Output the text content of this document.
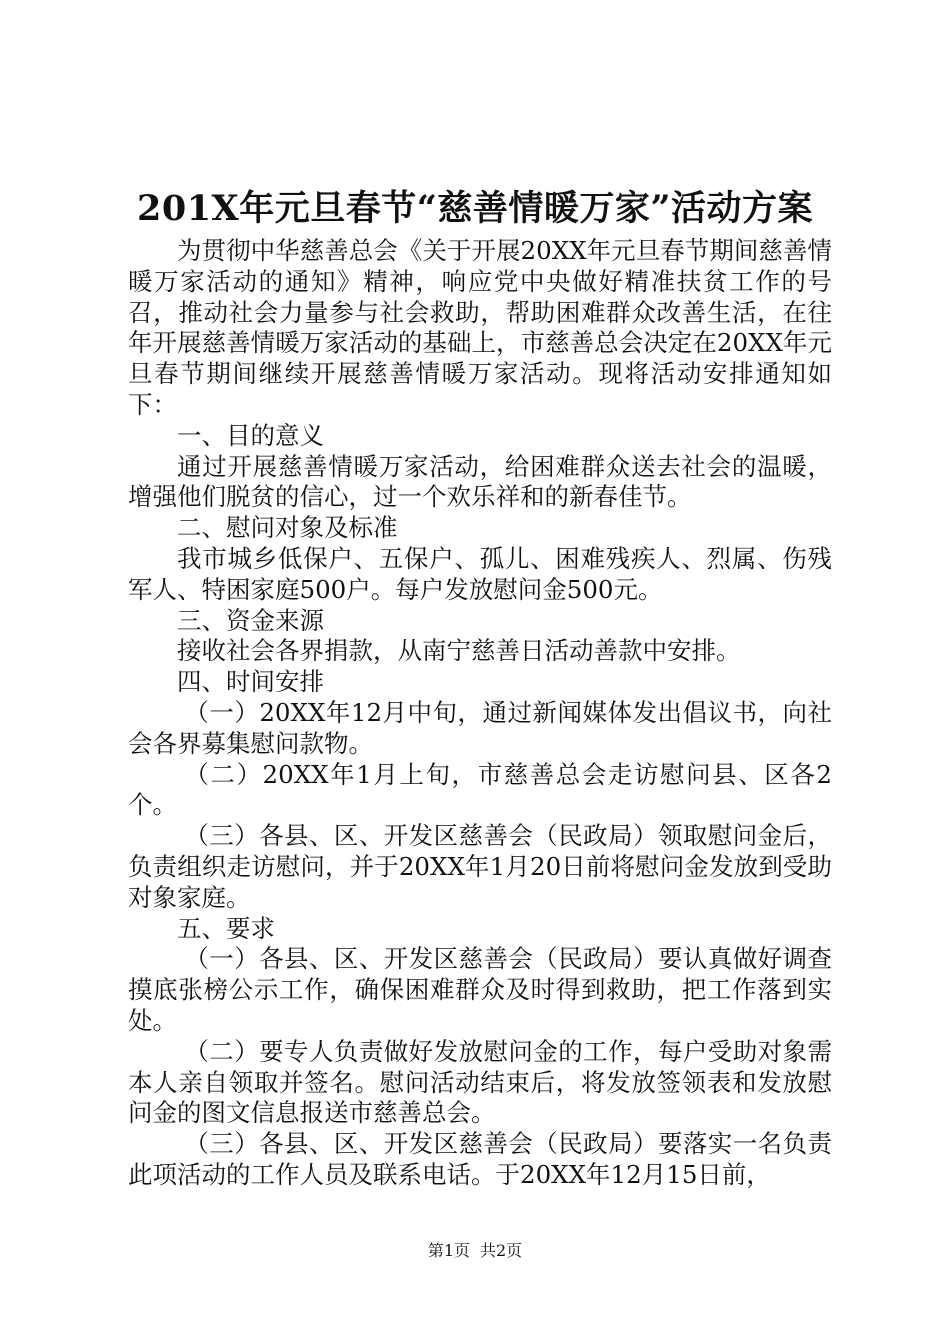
201X年元旦春节“慈善情暖万家”活动方案

为贯彻中华慈善总会《关于开展20XX年元旦春节期间慈善情暖万家活动的通知》精神，响应党中央做好精准扶贫工作的号召，推动社会力量参与社会救助，帮助困难群众改善生活，在往年开展慈善情暖万家活动的基础上，市慈善总会决定在20XX年元旦春节期间继续开展慈善情暖万家活动。现将活动安排通知如下：

一、目的意义

通过开展慈善情暖万家活动，给困难群众送去社会的温暖，增强他们脱贫的信心，过一个欢乐祥和的新春佳节。

二、慰问对象及标准

我市城乡低保户、五保户、孤儿、困难残疾人、烈属、伤残军人、特困家庭500户。每户发放慰问金500元。

三、资金来源

接收社会各界捐款，从南宁慈善日活动善款中安排。

四、时间安排

（一）20XX年12月中旬，通过新闻媒体发出倡议书，向社会各界募集慰问款物。

（二）20XX年1月上旬，市慈善总会走访慰问县、区各2个。

（三）各县、区、开发区慈善会（民政局）领取慰问金后，负责组织走访慰问，并于20XX年1月20日前将慰问金发放到受助对象家庭。

五、要求

（一）各县、区、开发区慈善会（民政局）要认真做好调查摸底张榜公示工作，确保困难群众及时得到救助，把工作落到实处。

（二）要专人负责做好发放慰问金的工作，每户受助对象需本人亲自领取并签名。慰问活动结束后，将发放签领表和发放慰问金的图文信息报送市慈善总会。

（三）各县、区、开发区慈善会（民政局）要落实一名负责此项活动的工作人员及联系电话。于20XX年12月15日前，

第1页 共2页
